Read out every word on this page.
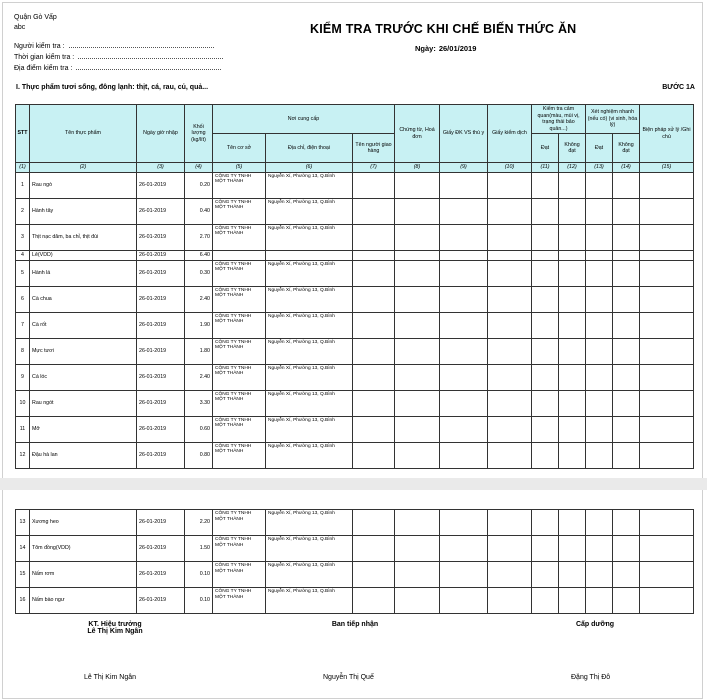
Quận Gò Vấp
abc	KIỂM TRA TRƯỚC KHI CHẾ BIẾN THỨC ĂN
Ngày: 26/01/2019
Người kiểm tra :
Thời gian kiểm tra :
Địa điểm kiểm tra :
I. Thực phẩm tươi sống, đông lạnh: thịt, cá, rau, củ, quả...	BƯỚC 1A
STT	Tên thực phẩm	Ngày giờ nhập	Khối lượng (kg/lít)	Nơi cung cấp			Chứng từ, Hoá đơn	Giấy ĐK VS thú y	Giấy kiểm dịch	Kiểm tra cảm quan(màu, mùi vị, trạng thái bảo quản...)		Xét nghiệm nhanh (nếu có) (vi sinh, hóa lý)		Biện pháp xử lý /Ghi chú
				Tên cơ sở	Địa chỉ, điện thoại	Tên người giao hàng				Đạt	Không đạt	Đạt	Không đạt	
(1)	(2)	(3)	(4)	(5)	(6)	(7)	(8)	(9)	(10)	(11)	(12)	(13)	(14)	(15)
1	Rau ngò	26-01-2019	0.20	CÔNG TY TNHH MỘT THÀNH	Nguyễn Xí, Phường 13, Q.Bình									
2	Hành tây	26-01-2019	0.40	CÔNG TY TNHH MỘT THÀNH	Nguyễn Xí, Phường 13, Q.Bình									
3	Thịt nạc dăm, ba chỉ, thịt đùi	26-01-2019	2.70	CÔNG TY TNHH MỘT THÀNH	Nguyễn Xí, Phường 13, Q.Bình									
4	Lê(VDD)	26-01-2019	6.40											
5	Hành lá	26-01-2019	0.30	CÔNG TY TNHH MỘT THÀNH	Nguyễn Xí, Phường 13, Q.Bình									
6	Cà chua	26-01-2019	2.40	CÔNG TY TNHH MỘT THÀNH	Nguyễn Xí, Phường 13, Q.Bình									
7	Cà rốt	26-01-2019	1.90	CÔNG TY TNHH MỘT THÀNH	Nguyễn Xí, Phường 13, Q.Bình									
8	Mực tươi	26-01-2019	1.80	CÔNG TY TNHH MỘT THÀNH	Nguyễn Xí, Phường 13, Q.Bình									
9	Cá lóc	26-01-2019	2.40	CÔNG TY TNHH MỘT THÀNH	Nguyễn Xí, Phường 13, Q.Bình									
10	Rau ngót	26-01-2019	3.30	CÔNG TY TNHH MỘT THÀNH	Nguyễn Xí, Phường 13, Q.Bình									
11	Mỡ	26-01-2019	0.60	CÔNG TY TNHH MỘT THÀNH	Nguyễn Xí, Phường 13, Q.Bình									
12	Đậu hà lan	26-01-2019	0.80	CÔNG TY TNHH MỘT THÀNH	Nguyễn Xí, Phường 13, Q.Bình									
13	Xương heo	26-01-2019	2.20	CÔNG TY TNHH MỘT THÀNH	Nguyễn Xí, Phường 13, Q.Bình									
14	Tôm đồng(VDD)	26-01-2019	1.50	CÔNG TY TNHH MỘT THÀNH	Nguyễn Xí, Phường 13, Q.Bình									
15	Nấm rơm	26-01-2019	0.10	CÔNG TY TNHH MỘT THÀNH	Nguyễn Xí, Phường 13, Q.Bình									
16	Nấm bào ngư	26-01-2019	0.10	CÔNG TY TNHH MỘT THÀNH	Nguyễn Xí, Phường 13, Q.Bình									
KT. Hiệu trưởng
Lê Thị Kim Ngân
Ban tiếp nhận	Cấp dưỡng
Lê Thị Kim Ngân	Nguyễn Thị Quế	Đặng Thị Đô
